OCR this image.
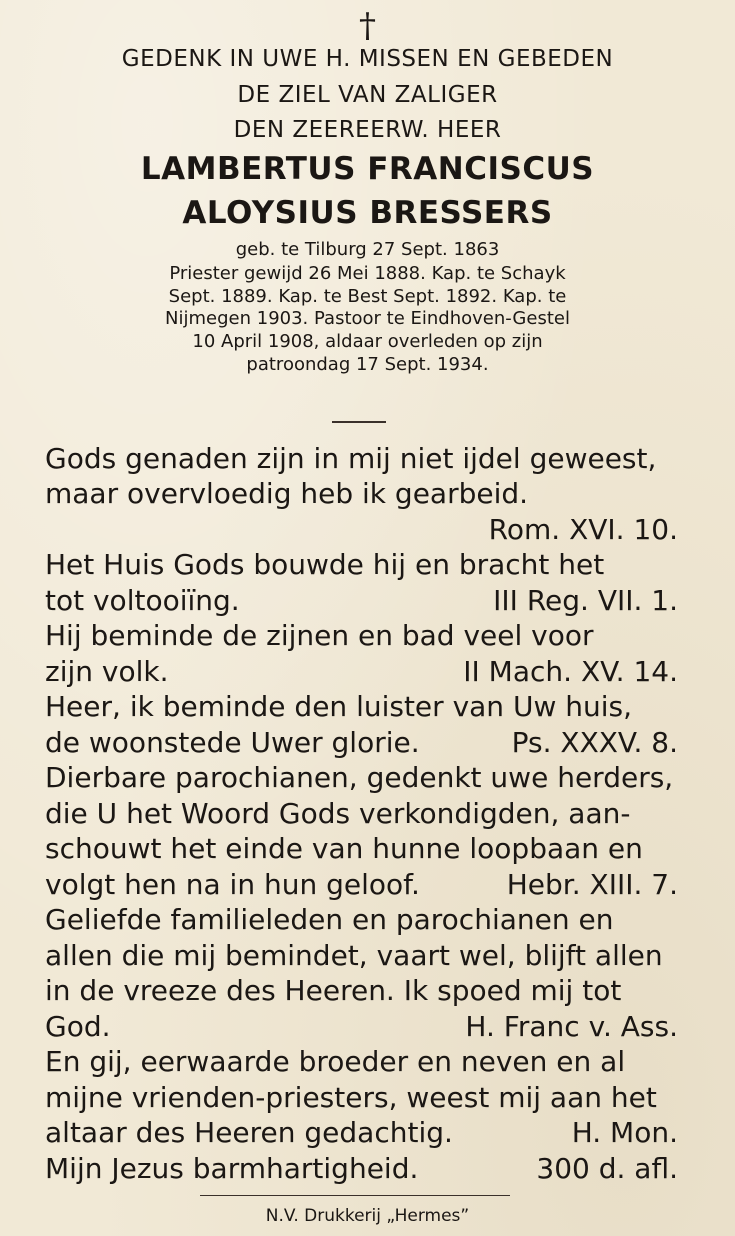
†
GEDENK IN UWE H. MISSEN EN GEBEDEN
DE ZIEL VAN ZALIGER
DEN ZEEREERW. HEER
LAMBERTUS FRANCISCUS
ALOYSIUS BRESSERS
geb. te Tilburg 27 Sept. 1863
Priester gewijd 26 Mei 1888. Kap. te Schayk
Sept. 1889. Kap. te Best Sept. 1892. Kap. te
Nijmegen 1903. Pastoor te Eindhoven-Gestel
10 April 1908, aldaar overleden op zijn
patroondag 17 Sept. 1934.
Gods genaden zijn in mij niet ijdel geweest,
maar overvloedig heb ik gearbeid.
Rom. XVI. 10.
Het Huis Gods bouwde hij en bracht het
tot voltooiïng.	III Reg. VII. 1.
Hij beminde de zijnen en bad veel voor
zijn volk.	II Mach. XV. 14.
Heer, ik beminde den luister van Uw huis,
de woonstede Uwer glorie.	Ps. XXXV. 8.
Dierbare parochianen, gedenkt uwe herders,
die U het Woord Gods verkondigden, aan-
schouwt het einde van hunne loopbaan en
volgt hen na in hun geloof.	Hebr. XIII. 7.
Geliefde familieleden en parochianen en
allen die mij bemindet, vaart wel, blijft allen
in de vreeze des Heeren. Ik spoed mij tot
God.	H. Franc v. Ass.
En gij, eerwaarde broeder en neven en al
mijne vrienden-priesters, weest mij aan het
altaar des Heeren gedachtig.	H. Mon.
Mijn Jezus barmhartigheid.	300 d. afl.
N.V. Drukkerij „Hermes”
